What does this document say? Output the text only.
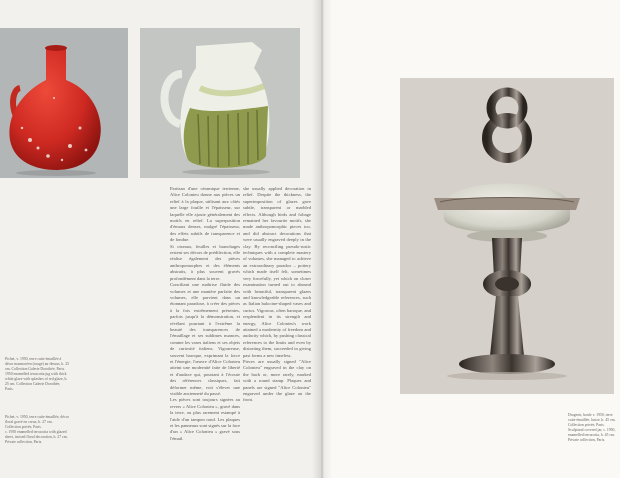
Partisan d'une céramique terrienne, Alice Colonieu donne aux pièces un relief à la plaque, utilisant aux côtés une large fouille et l'épaisseur, sur laquelle elle ajoute généralement des motifs en relief. La superposition d'émaux denses, malgré l'épaisseur, des effets subtils de transparence et de fondue.
Si oiseaux, feuilles et branchages restent ses décors de prédilection, elle réalise également des pièces anthropomorphes et des éléments abstraits, à plus souvent gravés profondément dans la terre.
Conciliant une maîtrise fluide des volumes et une manière parfaite des volumes, elle parvient dans un étonnant paradoxe, à créer des pièces à la fois extrêmement présentes, parfois jusqu'à la démonstration, et révélant pourtant à l'extrême la beauté des transparences de l'émaillage et ses sublimes nuances, comme les vases italiens et ses objets de curiosité italiens. Vigoureuse, souvent baroque, exprimant la force et l'énergie, l'œuvre d'Alice Colonieu atteint une modernité faite de liberté et d'audace qui, pourtant à l'écoute des références classiques, fait déformer même, voit s'élever une visible ancienneté du passé.
Les pièces sont toujours signées au revers « Alice Colonieu », gravé dans la terre, ou plus rarement estampé à l'aide d'un tampon rond. Les plaques et les panneaux sont signés sur la face d'un « Alice Colonieu » gravé sous l'émail.
she usually applied decoration in relief. Despite the thickness, the superimposition of glazes gave subtle, transparent or marbled effects. Although birds and foliage remained her favourite motifs, she made anthropomorphic pieces too, and did abstract decorations that were usually engraved deeply in the clay. By reconciling pseudo-rustic techniques with a complete mastery of volumes, she managed to achieve an extraordinary paradox – pottery which made itself felt, sometimes very forcefully, yet which on closer examination turned out to abound with beautiful, transparent glazes and knowledgeable references, such as Italian halocine-shaped vases and curios. Vigorous, often baroque, and resplendent in its strength and energy, Alice Colonieu's work attained a modernity of freedom and audacity which, by pushing classical references to the limits and even by distorting them, succeeded in giving past forms a new timeless.
Pieces are usually signed "Alice Colonieu" engraved in the clay on the back or, more rarely, marked with a round stamp. Plaques and panels are signed "Alice Colonieu" engraved under the glaze on the front.
Pichet, v. 1950, terre cuite émaillée à décor marmoréen (rouge) au-dessus, h. 25 cm. Collection Galerie Dorothée, Paris.
1950 enamelled terracotta jug with thick white glaze with splashes of red glaze, h. 25 cm. Collection Galerie Dorothée, Paris.
Pichet, v. 1950, terre cuite émaillée, décor floral gravé en creux, h. 27 cm. Collection privée, Paris.
c. 1950 enamelled terracotta with glazed sheet, incised floral decoration, h. 27 cm. Private collection, Paris.
Drageoir, boule v. 1950, terre cuite émaillée, lustre, h. 45 cm. Collection privée, Paris.
Sculptural covered jar, c. 1950, enamelled terracotta, h. 45 cm. Private collection, Paris.
